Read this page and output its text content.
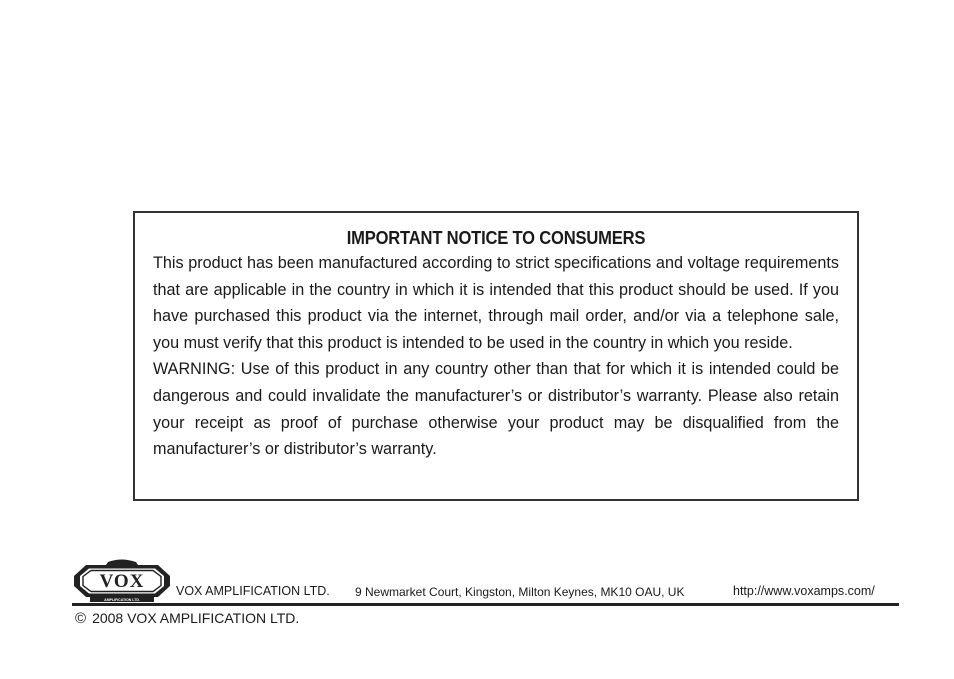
IMPORTANT NOTICE TO CONSUMERS

This product has been manufactured according to strict specifications and voltage requirements that are applicable in the country in which it is intended that this product should be used. If you have purchased this product via the internet, through mail order, and/or via a telephone sale, you must verify that this product is intended to be used in the country in which you reside.

WARNING: Use of this product in any country other than that for which it is intended could be dangerous and could invalidate the manufacturer’s or distributor’s warranty. Please also retain your receipt as proof of purchase otherwise your product may be disqualified from the manufacturer’s or distributor’s warranty.

VOX
AMPLIFICATION LTD.
VOX AMPLIFICATION LTD. 9 Newmarket Court, Kingston, Milton Keynes, MK10 OAU, UK	http://www.voxamps.com/
© 2008 VOX AMPLIFICATION LTD.
